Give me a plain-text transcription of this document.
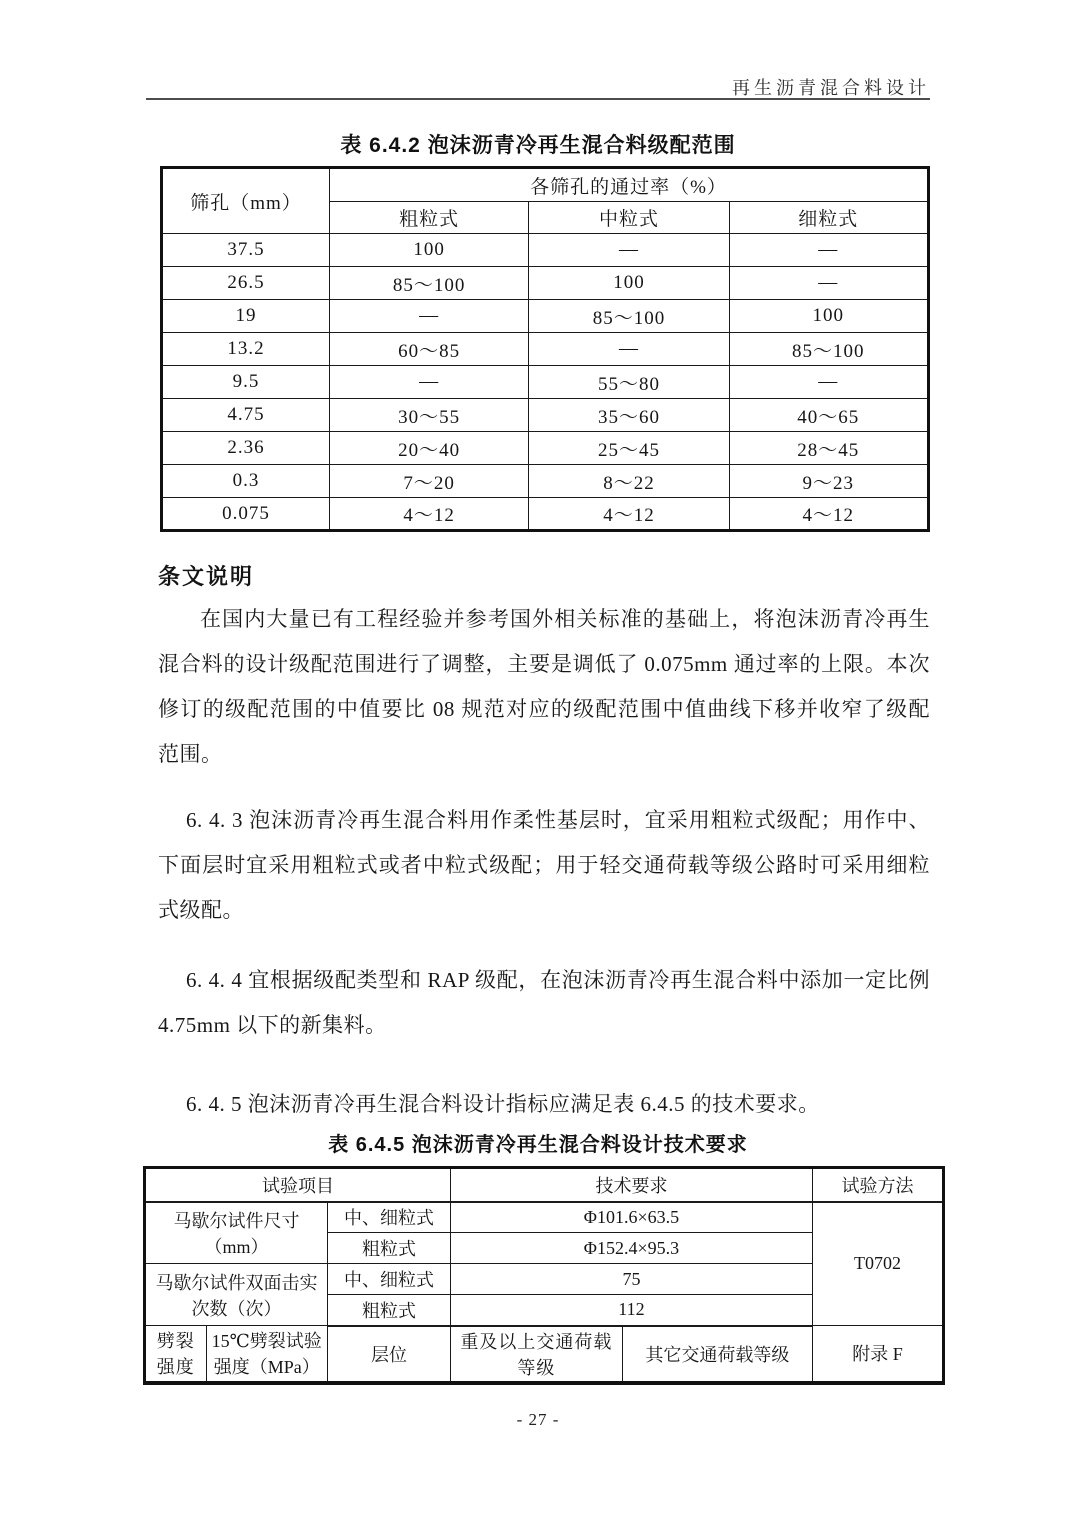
再生沥青混合料设计
表 6.4.2 泡沫沥青冷再生混合料级配范围
筛孔（mm）	各筛孔的通过率（%）		
	粗粒式	中粒式	细粒式
37.5	100	—	—
26.5	85～100	100	—
19	—	85～100	100
13.2	60～85	—	85～100
9.5	—	55～80	—
4.75	30～55	35～60	40～65
2.36	20～40	25～45	28～45
0.3	7～20	8～22	9～23
0.075	4～12	4～12	4～12
条文说明
在国内大量已有工程经验并参考国外相关标准的基础上，将泡沫沥青冷再生
混合料的设计级配范围进行了调整，主要是调低了 0.075mm 通过率的上限。本次
修订的级配范围的中值要比 08 规范对应的级配范围中值曲线下移并收窄了级配
范围。
6. 4. 3 泡沫沥青冷再生混合料用作柔性基层时，宜采用粗粒式级配；用作中、
下面层时宜采用粗粒式或者中粒式级配；用于轻交通荷载等级公路时可采用细粒
式级配。
6. 4. 4 宜根据级配类型和 RAP 级配，在泡沫沥青冷再生混合料中添加一定比例
4.75mm 以下的新集料。
6. 4. 5 泡沫沥青冷再生混合料设计指标应满足表 6.4.5 的技术要求。
表 6.4.5 泡沫沥青冷再生混合料设计技术要求
试验项目			技术要求		试验方法
马歇尔试件尺寸（mm）		中、细粒式	Φ101.6×63.5		T0702
		粗粒式	Φ152.4×95.3		
马歇尔试件双面击实次数（次）		中、细粒式	75		
		粗粒式	112		
劈裂强度	15℃劈裂试验强度（MPa）	层位	重及以上交通荷载等级	其它交通荷载等级	附录 F
- 27 -
